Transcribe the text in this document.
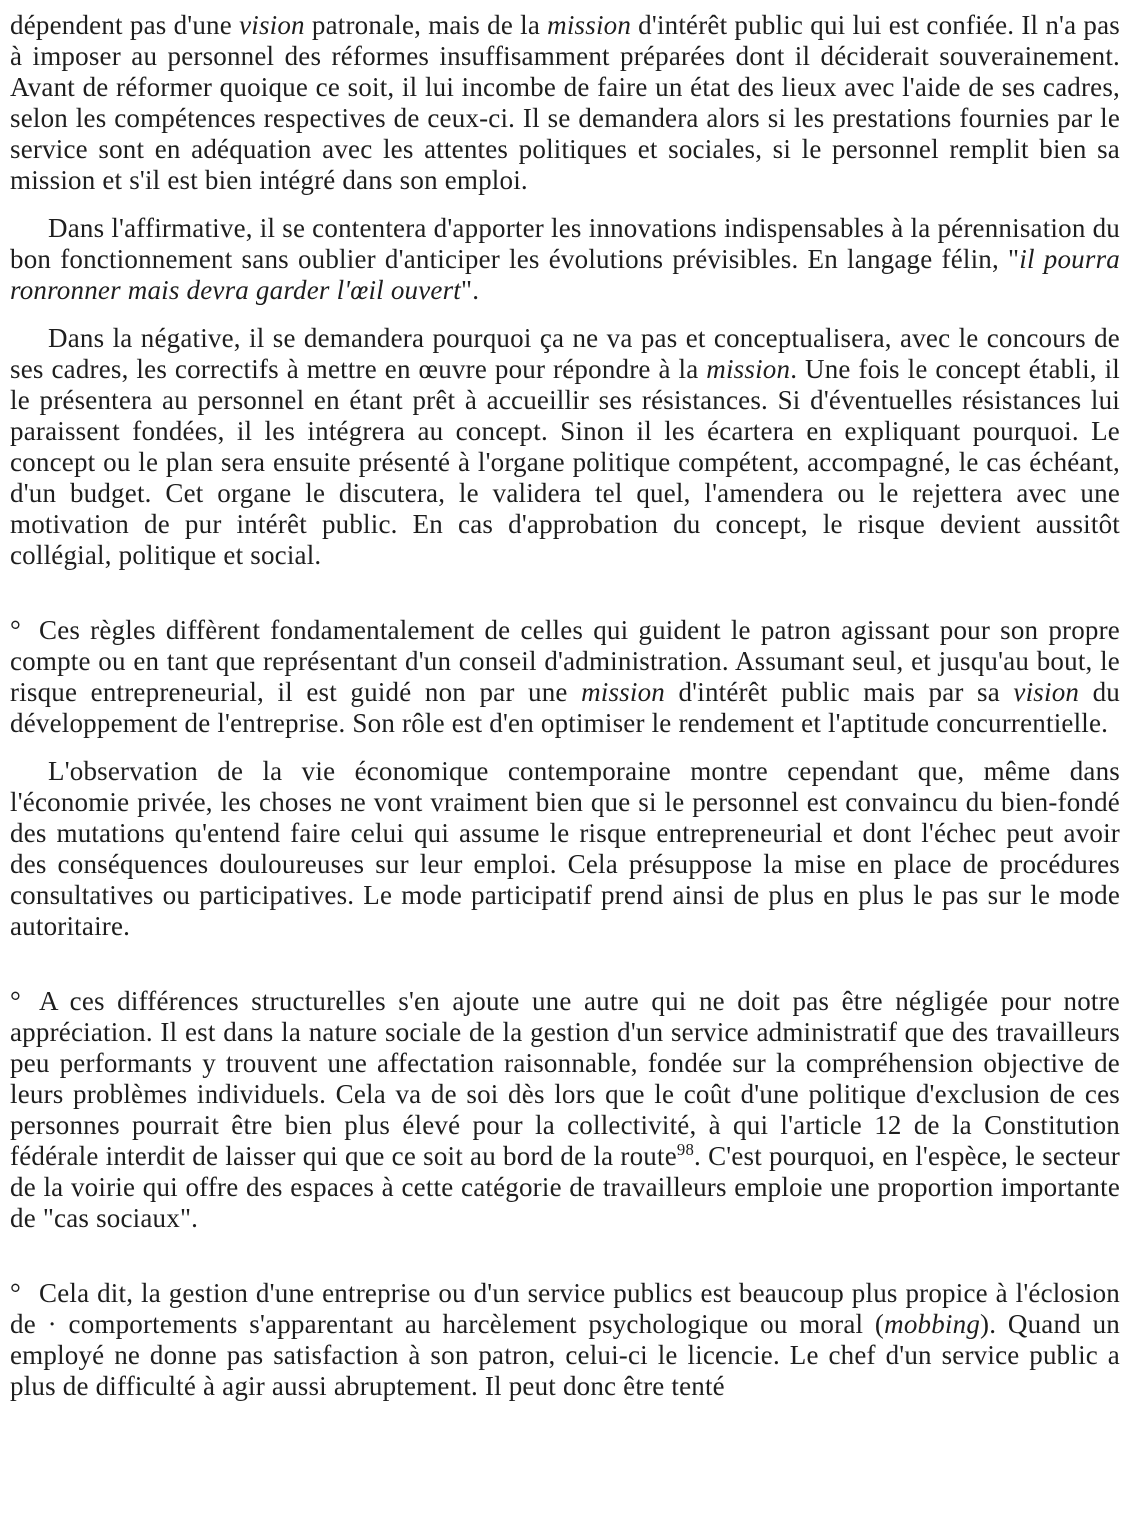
dépendent pas d'une vision patronale, mais de la mission d'intérêt public qui lui est confiée. Il n'a pas à imposer au personnel des réformes insuffisamment préparées dont il déciderait souverainement. Avant de réformer quoique ce soit, il lui incombe de faire un état des lieux avec l'aide de ses cadres, selon les compétences respectives de ceux-ci. Il se demandera alors si les prestations fournies par le service sont en adéquation avec les attentes politiques et sociales, si le personnel remplit bien sa mission et s'il est bien intégré dans son emploi.

Dans l'affirmative, il se contentera d'apporter les innovations indispensables à la pérennisation du bon fonctionnement sans oublier d'anticiper les évolutions prévisibles. En langage félin, "il pourra ronronner mais devra garder l'œil ouvert".

Dans la négative, il se demandera pourquoi ça ne va pas et conceptualisera, avec le concours de ses cadres, les correctifs à mettre en œuvre pour répondre à la mission. Une fois le concept établi, il le présentera au personnel en étant prêt à accueillir ses résistances. Si d'éventuelles résistances lui paraissent fondées, il les intégrera au concept. Sinon il les écartera en expliquant pourquoi. Le concept ou le plan sera ensuite présenté à l'organe politique compétent, accompagné, le cas échéant, d'un budget. Cet organe le discutera, le validera tel quel, l'amendera ou le rejettera avec une motivation de pur intérêt public. En cas d'approbation du concept, le risque devient aussitôt collégial, politique et social.

° Ces règles diffèrent fondamentalement de celles qui guident le patron agissant pour son propre compte ou en tant que représentant d'un conseil d'administration. Assumant seul, et jusqu'au bout, le risque entrepreneurial, il est guidé non par une mission d'intérêt public mais par sa vision du développement de l'entreprise. Son rôle est d'en optimiser le rendement et l'aptitude concurrentielle.

L'observation de la vie économique contemporaine montre cependant que, même dans l'économie privée, les choses ne vont vraiment bien que si le personnel est convaincu du bien-fondé des mutations qu'entend faire celui qui assume le risque entrepreneurial et dont l'échec peut avoir des conséquences douloureuses sur leur emploi. Cela présuppose la mise en place de procédures consultatives ou participatives. Le mode participatif prend ainsi de plus en plus le pas sur le mode autoritaire.

° A ces différences structurelles s'en ajoute une autre qui ne doit pas être négligée pour notre appréciation. Il est dans la nature sociale de la gestion d'un service administratif que des travailleurs peu performants y trouvent une affectation raisonnable, fondée sur la compréhension objective de leurs problèmes individuels. Cela va de soi dès lors que le coût d'une politique d'exclusion de ces personnes pourrait être bien plus élevé pour la collectivité, à qui l'article 12 de la Constitution fédérale interdit de laisser qui que ce soit au bord de la route$^{98}$. C'est pourquoi, en l'espèce, le secteur de la voirie qui offre des espaces à cette catégorie de travailleurs emploie une proportion importante de "cas sociaux".

° Cela dit, la gestion d'une entreprise ou d'un service publics est beaucoup plus propice à l'éclosion de · comportements s'apparentant au harcèlement psychologique ou moral (mobbing). Quand un employé ne donne pas satisfaction à son patron, celui-ci le licencie. Le chef d'un service public a plus de difficulté à agir aussi abruptement. Il peut donc être tenté
